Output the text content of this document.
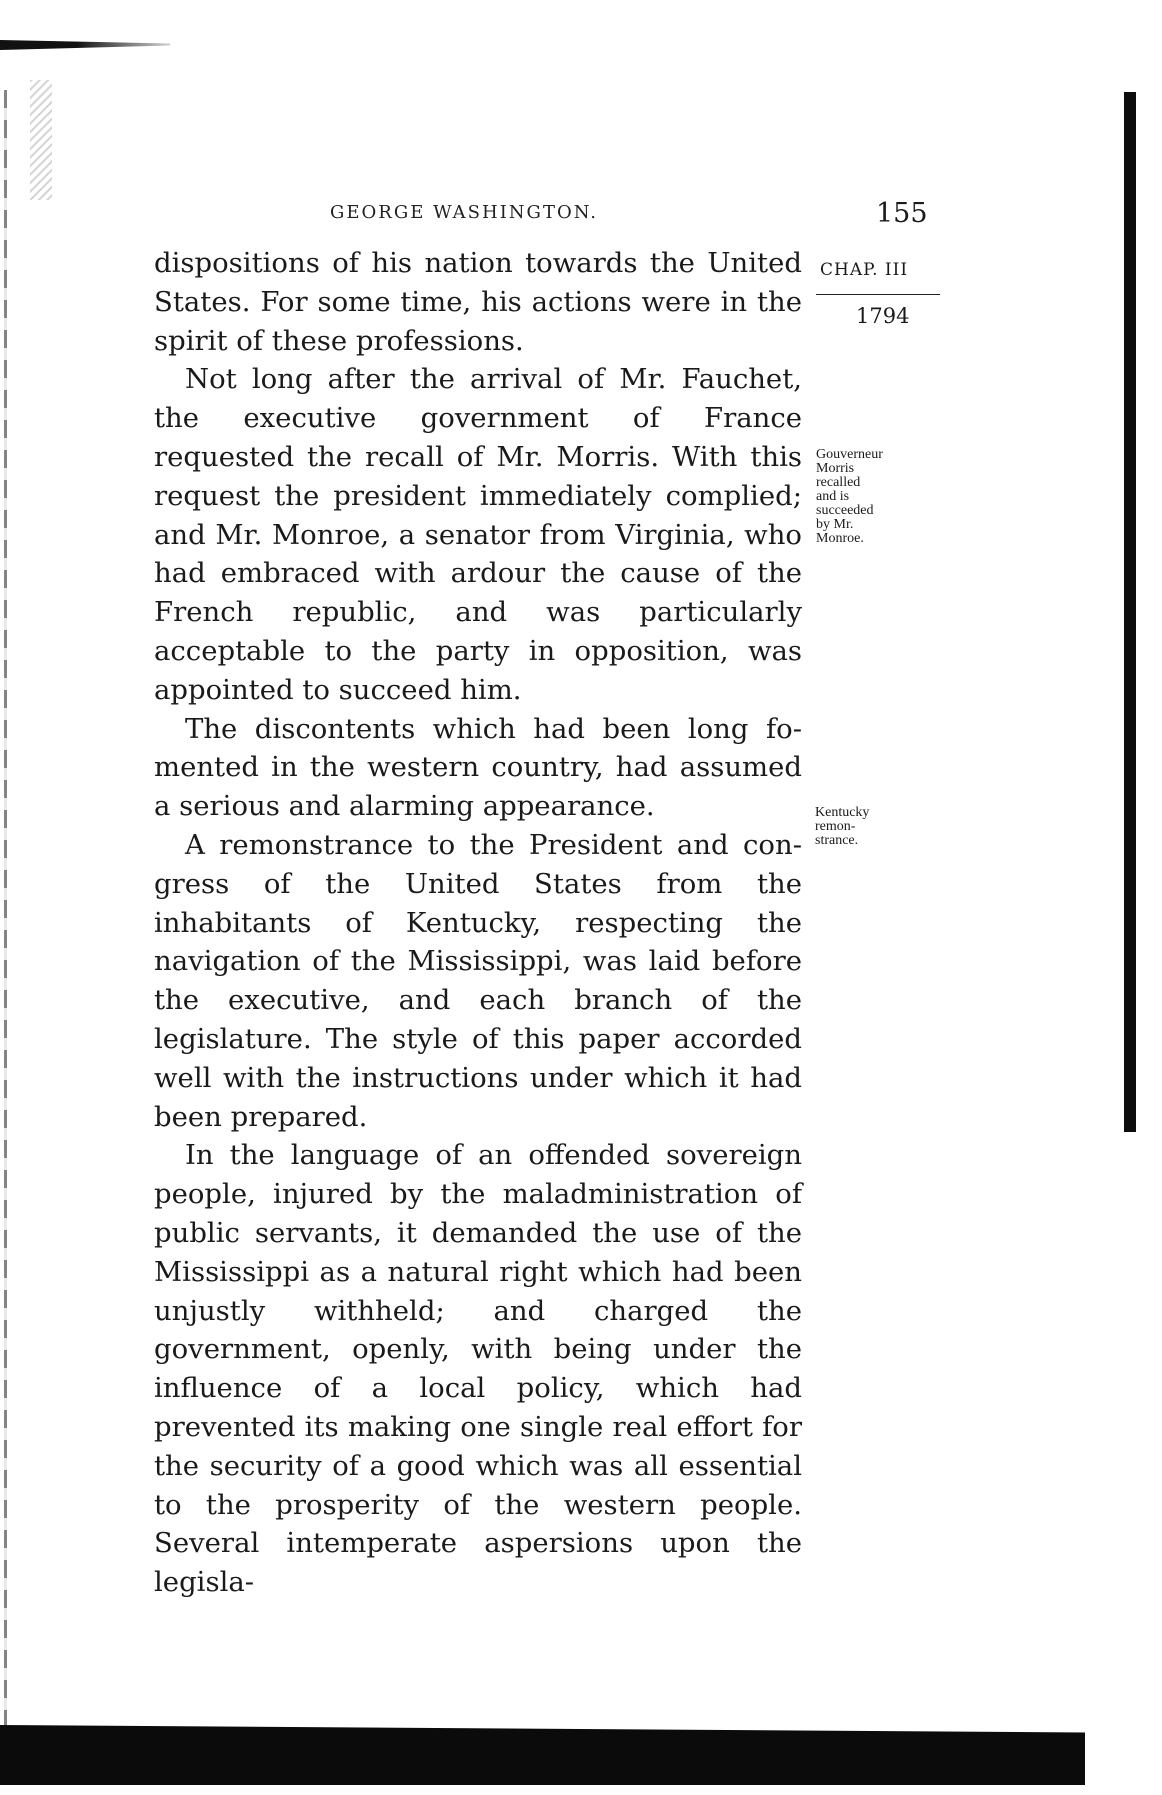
GEORGE WASHINGTON.	155
CHAP. III
1794
Gouverneur
Morris
recalled
and is
succeeded
by Mr.
Monroe.
Kentucky
remon-
strance.

dispositions of his nation towards the United States. For some time, his actions were in the spirit of these professions.

Not long after the arrival of Mr. Fauchet, the executive government of France requested the recall of Mr. Morris. With this request the president immediately complied; and Mr. Monroe, a senator from Virginia, who had embraced with ardour the cause of the French republic, and was particularly acceptable to the party in opposition, was appointed to succeed him.

The discontents which had been long fomented in the western country, had assumed a serious and alarming appearance.

A remonstrance to the President and congress of the United States from the inhabitants of Kentucky, respecting the navigation of the Mississippi, was laid before the executive, and each branch of the legislature. The style of this paper accorded well with the instructions under which it had been prepared.

In the language of an offended sovereign people, injured by the maladministration of public servants, it demanded the use of the Mississippi as a natural right which had been unjustly withheld; and charged the government, openly, with being under the influence of a local policy, which had prevented its making one single real effort for the security of a good which was all essential to the prosperity of the western people. Several intemperate aspersions upon the legisla-
